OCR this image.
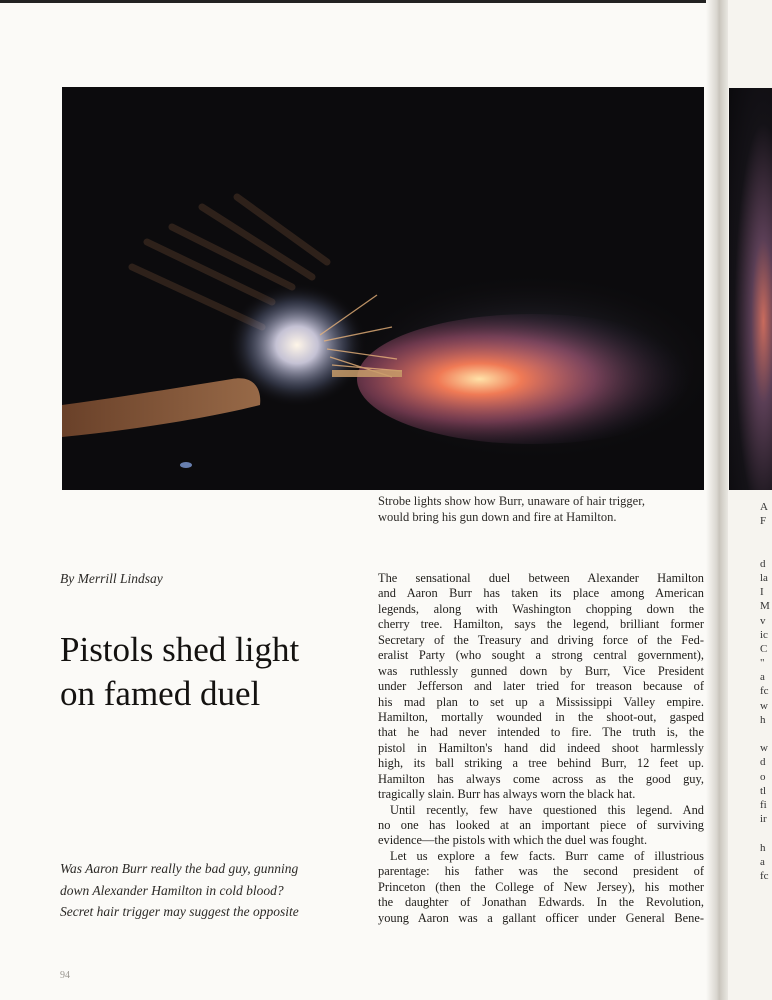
Strobe lights show how Burr, unaware of hair trigger,

would bring his gun down and fire at Hamilton.

By Merrill Lindsay
Pistols shed light
on famed duel

Was Aaron Burr really the bad guy, gunning
down Alexander Hamilton in cold blood?
Secret hair trigger may suggest the opposite

94
The sensational duel between Alexander Hamilton
and Aaron Burr has taken its place among American
legends, along with Washington chopping down the
cherry tree. Hamilton, says the legend, brilliant former
Secretary of the Treasury and driving force of the Fed-
eralist Party (who sought a strong central government),
was ruthlessly gunned down by Burr, Vice President
under Jefferson and later tried for treason because of
his mad plan to set up a Mississippi Valley empire.
Hamilton, mortally wounded in the shoot-out, gasped
that he had never intended to fire. The truth is, the
pistol in Hamilton's hand did indeed shoot harmlessly
high, its ball striking a tree behind Burr, 12 feet up.
Hamilton has always come across as the good guy,
tragically slain. Burr has always worn the black hat.
Until recently, few have questioned this legend. And
no one has looked at an important piece of surviving
evidence—the pistols with which the duel was fought.
Let us explore a few facts. Burr came of illustrious
parentage: his father was the second president of
Princeton (then the College of New Jersey), his mother
the daughter of Jonathan Edwards. In the Revolution,
young Aaron was a gallant officer under General Bene-
A
F
d
la
I
M
v
ic
C
"
a
fc
w
h
w
d
o
tl
fi
ir
h
a
fc
